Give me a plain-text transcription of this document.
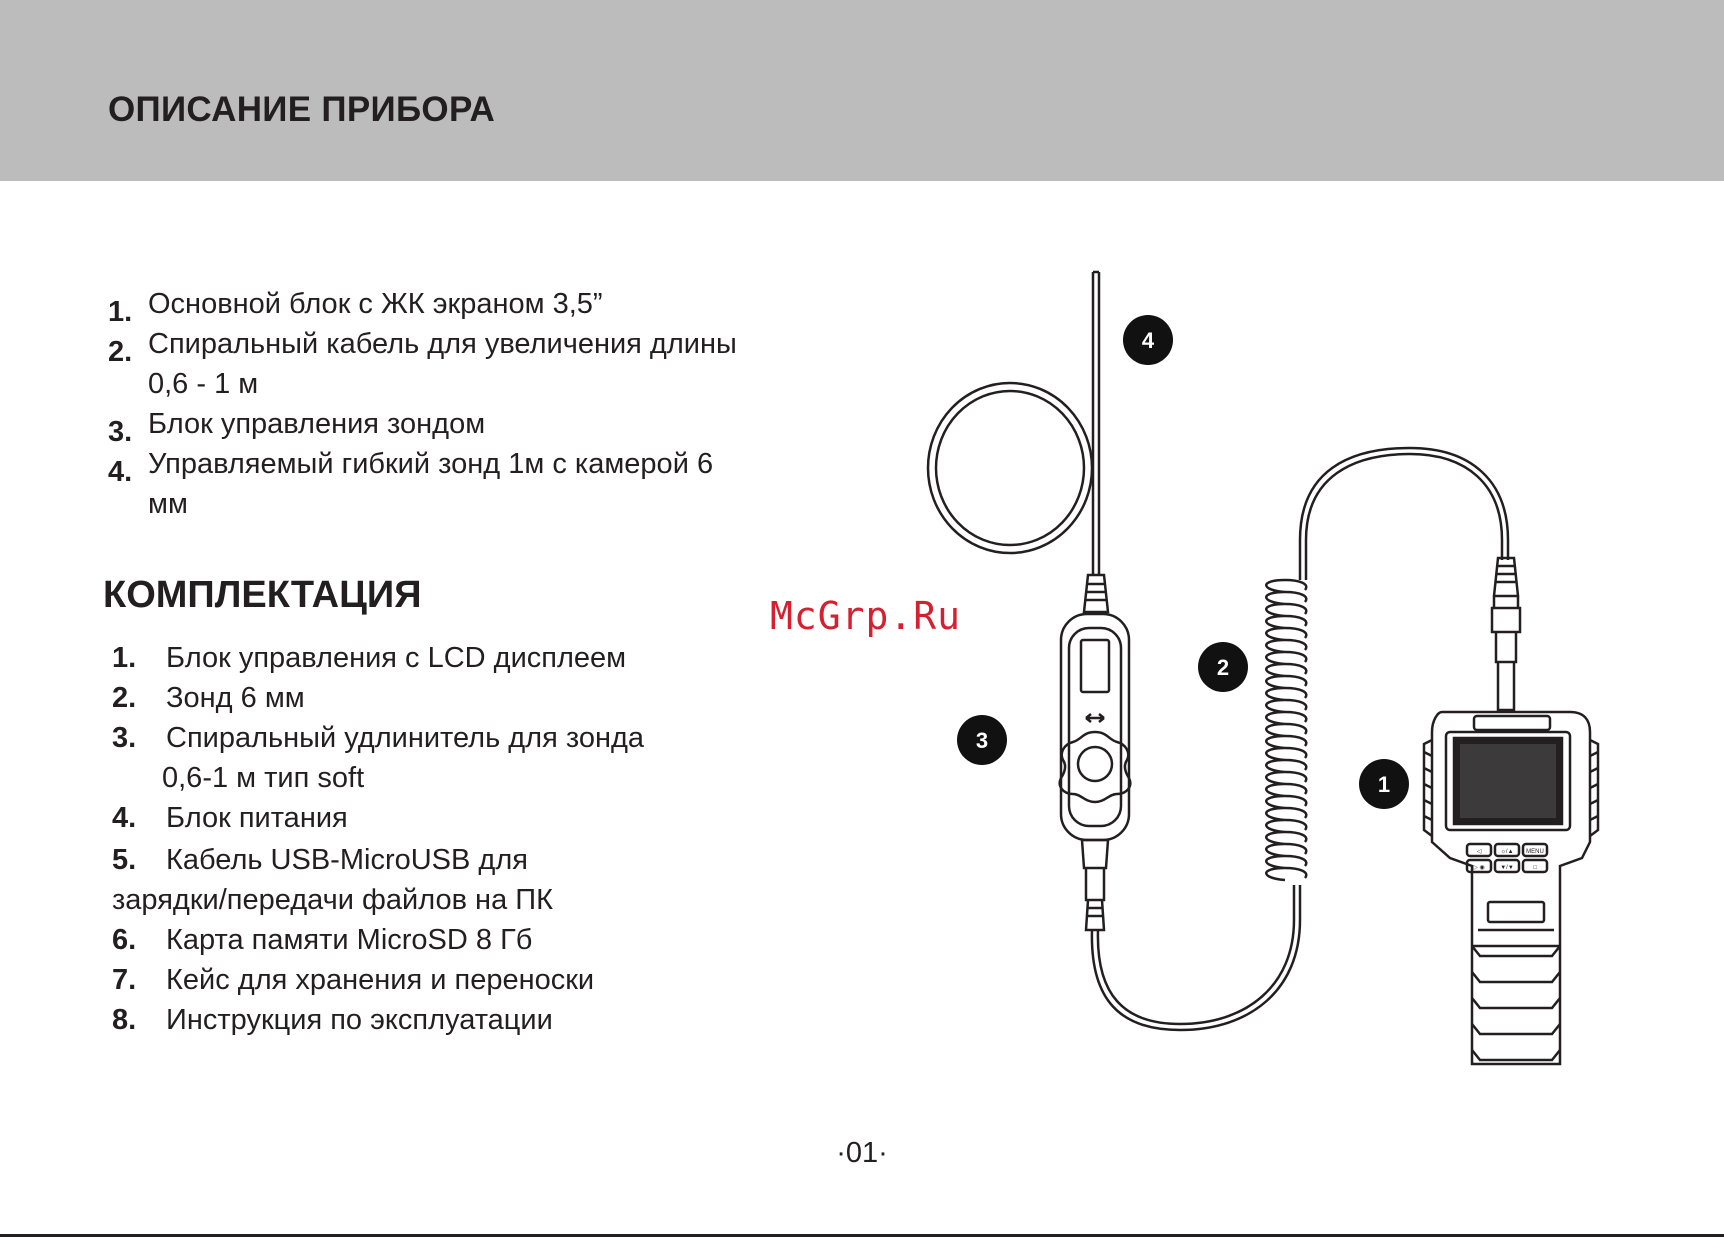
ОПИСАНИЕ ПРИБОРА
1. Основной блок с ЖК экраном 3,5”
2. Спиральный кабель для увеличения длины 0,6 - 1 м
3. Блок управления зондом
4. Управляемый гибкий зонд 1м с камерой 6 мм
КОМПЛЕКТАЦИЯ
1. Блок управления с LCD дисплеем
2. Зонд 6 мм
3. Спиральный удлинитель для зонда
0,6-1 м тип soft
4. Блок питания
5. Кабель USB-MicroUSB для
зарядки/передачи файлов на ПК
6. Карта памяти MicroSD 8 Гб
7. Кейс для хранения и переноски
8. Инструкция по эксплуатации
◁	☼/▲ MENU
▷ ◉	▼/▼	□
4
2
3
1
McGrp.Ru
·01·
